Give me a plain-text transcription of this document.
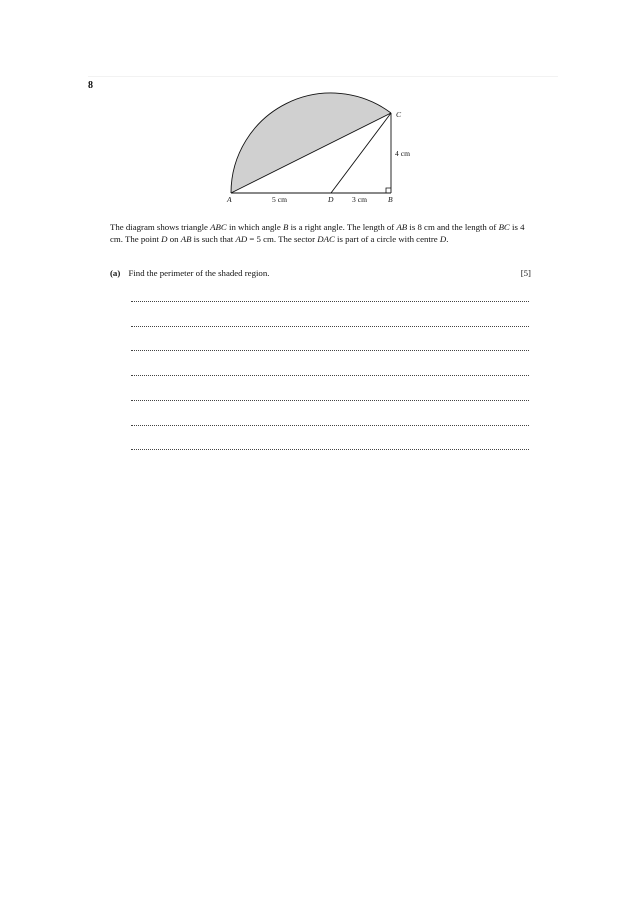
8
A	5 cm	D 3 cm	B
C
4 cm
The diagram shows triangle ABC in which angle B is a right angle. The length of AB is 8 cm and the length of BC is 4 cm. The point D on AB is such that AD = 5 cm. The sector DAC is part of a circle with centre D.
(a) Find the perimeter of the shaded region.	[5]
